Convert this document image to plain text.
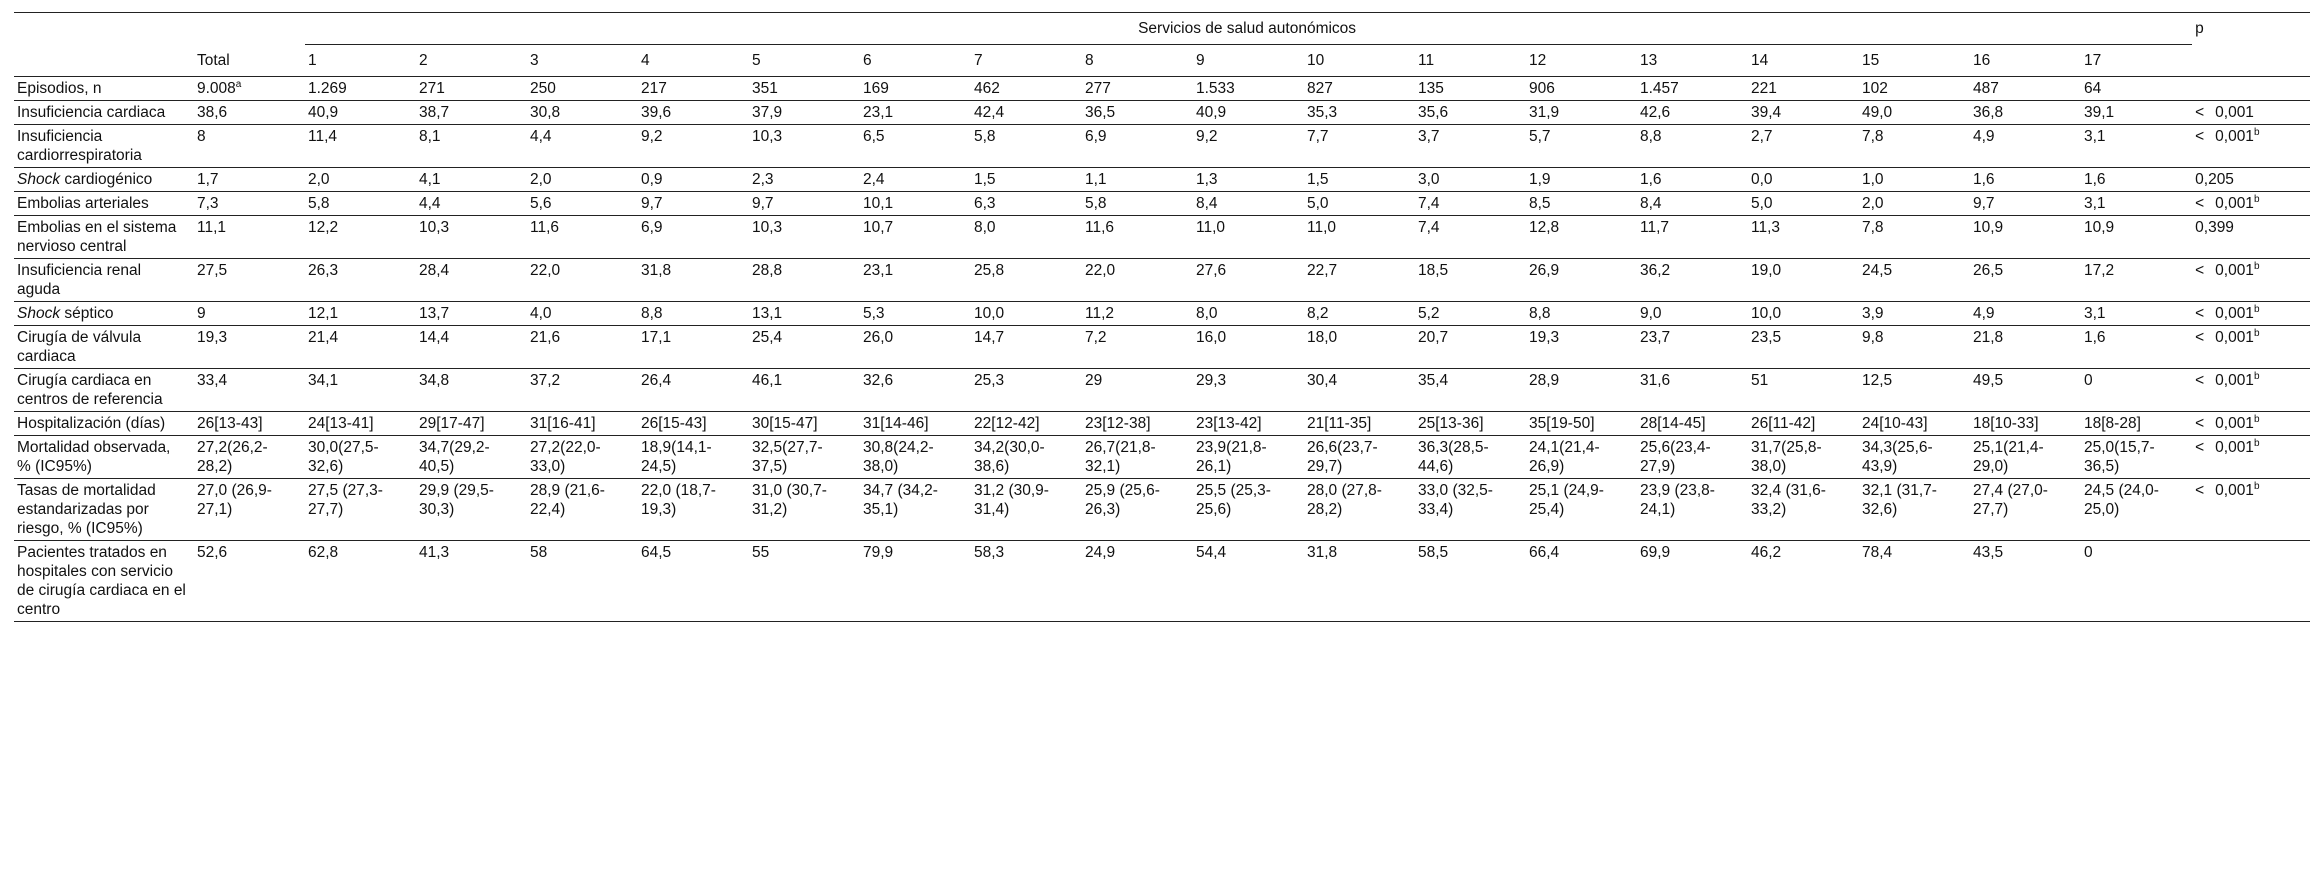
		Servicios de salud autonómicos																	p
	Total	1	2	3	4	5	6	7	8	9	10	11	12	13	14	15	16	17	
Episodios, n	9.008$^a$	1.269	271	250	217	351	169	462	277	1.533	827	135	906	1.457	221	102	487	64	
Insuficiencia cardiaca	38,6	40,9	38,7	30,8	39,6	37,9	23,1	42,4	36,5	40,9	35,3	35,6	31,9	42,6	39,4	49,0	36,8	39,1	< 0,001
Insuficiencia cardiorrespiratoria	8	11,4	8,1	4,4	9,2	10,3	6,5	5,8	6,9	9,2	7,7	3,7	5,7	8,8	2,7	7,8	4,9	3,1	< 0,001$^b$
Shock cardiogénico	1,7	2,0	4,1	2,0	0,9	2,3	2,4	1,5	1,1	1,3	1,5	3,0	1,9	1,6	0,0	1,0	1,6	1,6	0,205
Embolias arteriales	7,3	5,8	4,4	5,6	9,7	9,7	10,1	6,3	5,8	8,4	5,0	7,4	8,5	8,4	5,0	2,0	9,7	3,1	< 0,001$^b$
Embolias en el sistema nervioso central	11,1	12,2	10,3	11,6	6,9	10,3	10,7	8,0	11,6	11,0	11,0	7,4	12,8	11,7	11,3	7,8	10,9	10,9	0,399
Insuficiencia renal aguda	27,5	26,3	28,4	22,0	31,8	28,8	23,1	25,8	22,0	27,6	22,7	18,5	26,9	36,2	19,0	24,5	26,5	17,2	< 0,001$^b$
Shock séptico	9	12,1	13,7	4,0	8,8	13,1	5,3	10,0	11,2	8,0	8,2	5,2	8,8	9,0	10,0	3,9	4,9	3,1	< 0,001$^b$
Cirugía de válvula cardiaca	19,3	21,4	14,4	21,6	17,1	25,4	26,0	14,7	7,2	16,0	18,0	20,7	19,3	23,7	23,5	9,8	21,8	1,6	< 0,001$^b$
Cirugía cardiaca en centros de referencia	33,4	34,1	34,8	37,2	26,4	46,1	32,6	25,3	29	29,3	30,4	35,4	28,9	31,6	51	12,5	49,5	0	< 0,001$^b$
Hospitalización (días)	26[13-43]	24[13-41]	29[17-47]	31[16-41]	26[15-43]	30[15-47]	31[14-46]	22[12-42]	23[12-38]	23[13-42]	21[11-35]	25[13-36]	35[19-50]	28[14-45]	26[11-42]	24[10-43]	18[10-33]	18[8-28]	< 0,001$^b$
Mortalidad observada, % (IC95%)	27,2(26,2-28,2)	30,0(27,5-32,6)	34,7(29,2-40,5)	27,2(22,0-33,0)	18,9(14,1-24,5)	32,5(27,7-37,5)	30,8(24,2-38,0)	34,2(30,0-38,6)	26,7(21,8-32,1)	23,9(21,8-26,1)	26,6(23,7-29,7)	36,3(28,5-44,6)	24,1(21,4-26,9)	25,6(23,4-27,9)	31,7(25,8-38,0)	34,3(25,6-43,9)	25,1(21,4-29,0)	25,0(15,7-36,5)	< 0,001$^b$
Tasas de mortalidad estandarizadas por riesgo, % (IC95%)	27,0 (26,9-27,1)	27,5 (27,3-27,7)	29,9 (29,5-30,3)	28,9 (21,6-22,4)	22,0 (18,7-19,3)	31,0 (30,7-31,2)	34,7 (34,2-35,1)	31,2 (30,9-31,4)	25,9 (25,6-26,3)	25,5 (25,3-25,6)	28,0 (27,8-28,2)	33,0 (32,5-33,4)	25,1 (24,9-25,4)	23,9 (23,8-24,1)	32,4 (31,6-33,2)	32,1 (31,7-32,6)	27,4 (27,0-27,7)	24,5 (24,0-25,0)	< 0,001$^b$
Pacientes tratados en hospitales con servicio de cirugía cardiaca en el centro	52,6	62,8	41,3	58	64,5	55	79,9	58,3	24,9	54,4	31,8	58,5	66,4	69,9	46,2	78,4	43,5	0	
